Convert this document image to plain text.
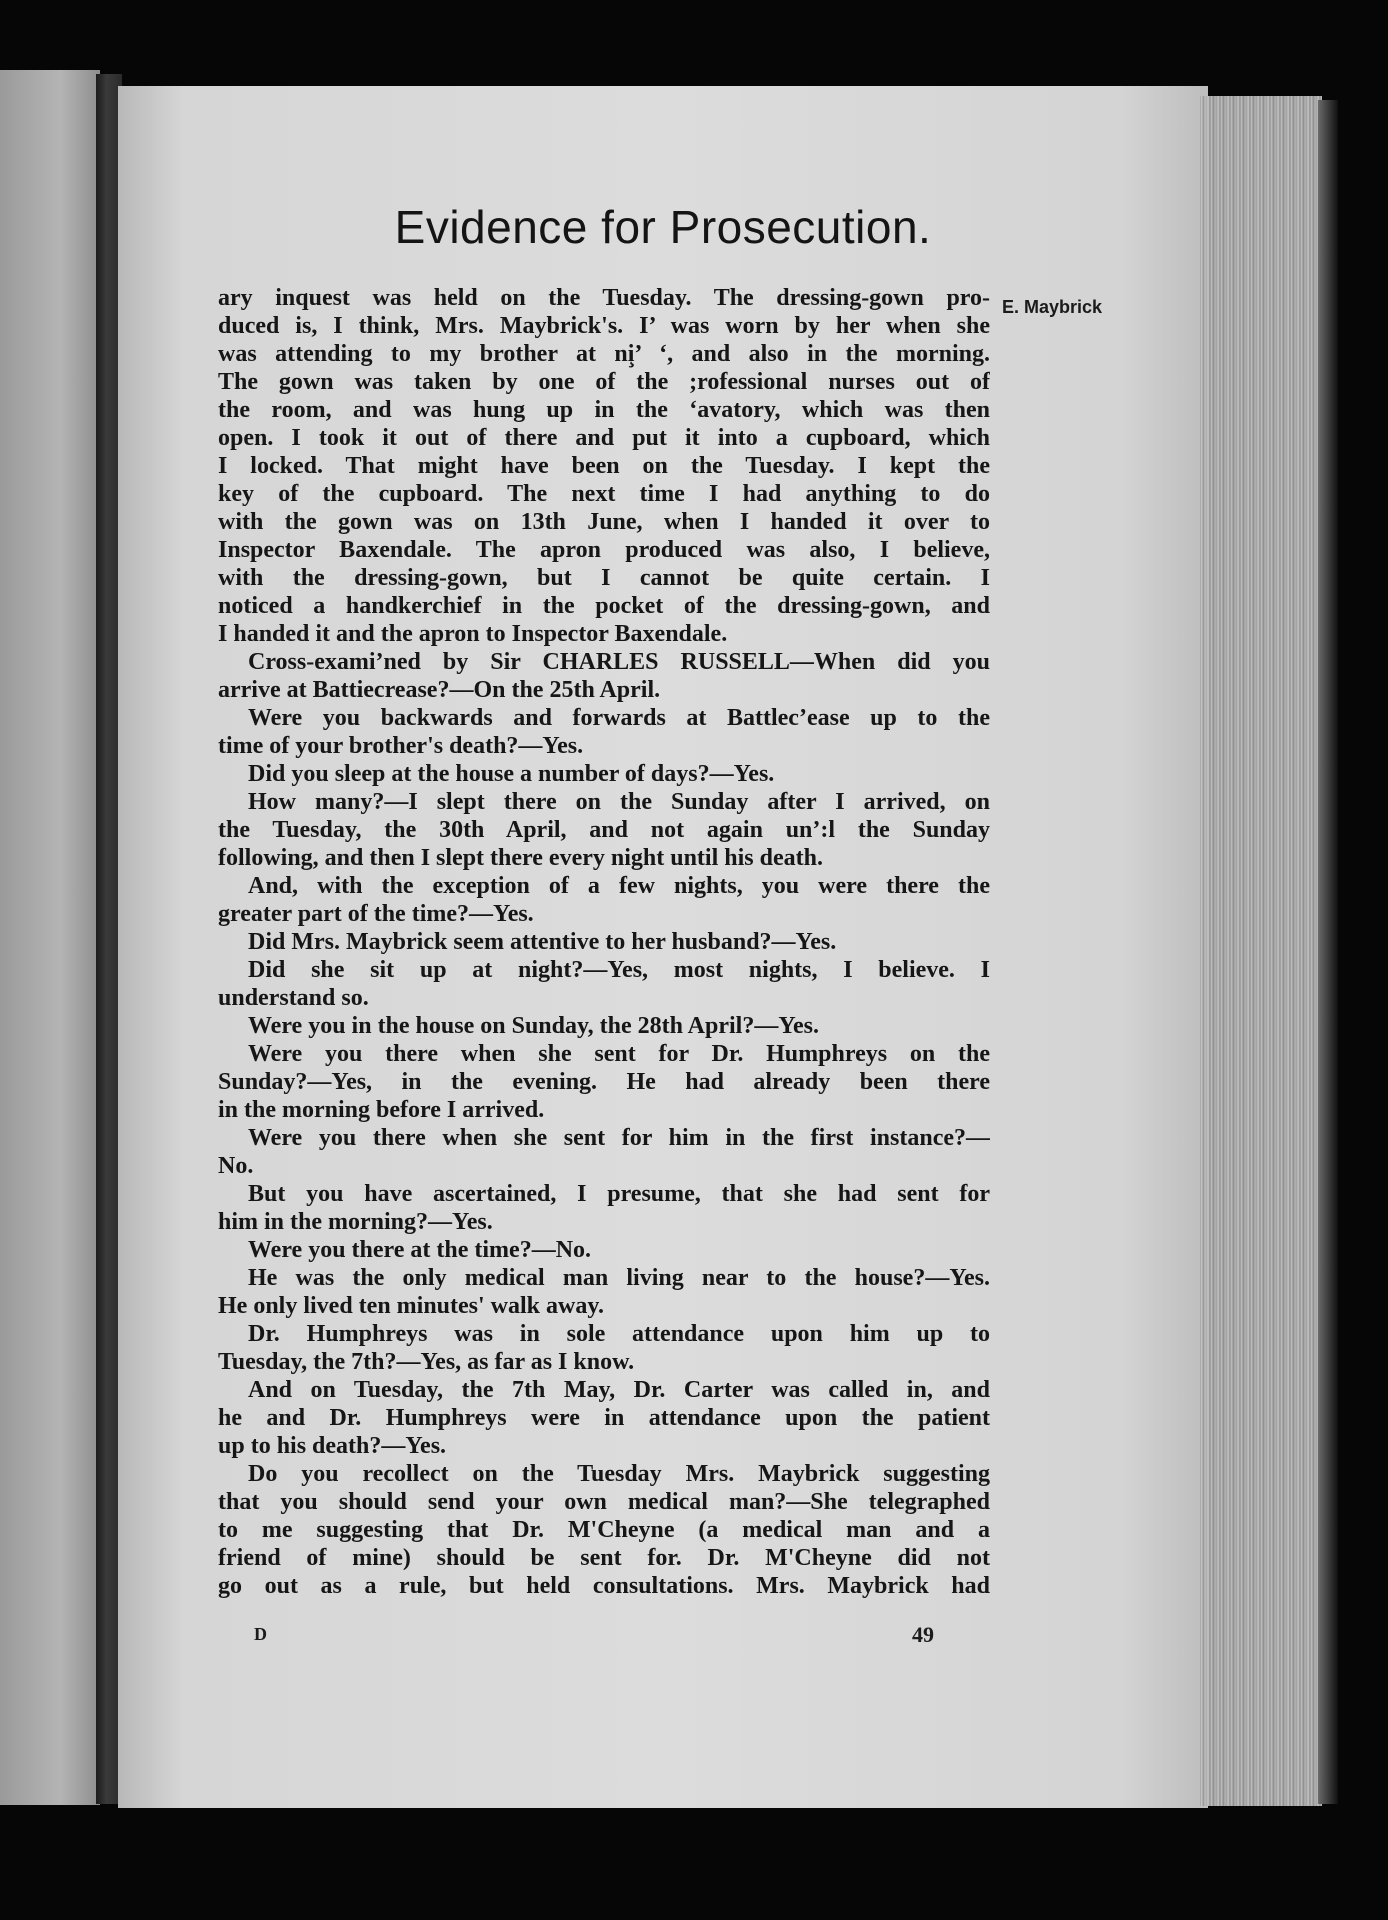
Evidence for Prosecution.
E. Maybrick
ary inquest was held on the Tuesday. The dressing-gown pro-
duced is, I think, Mrs. Maybrick's. I’ was worn by her when she
was attending to my brother at ni̧’ ‘, and also in the morning.
The gown was taken by one of the ;rofessional nurses out of
the room, and was hung up in the ‘avatory, which was then
open. I took it out of there and put it into a cupboard, which
I locked. That might have been on the Tuesday. I kept the
key of the cupboard. The next time I had anything to do
with the gown was on 13th June, when I handed it over to
Inspector Baxendale. The apron produced was also, I believe,
with the dressing-gown, but I cannot be quite certain. I
noticed a handkerchief in the pocket of the dressing-gown, and
I handed it and the apron to Inspector Baxendale.
Cross-exami’ned by Sir CHARLES RUSSELL—When did you
arrive at Battiecrease?—On the 25th April.
Were you backwards and forwards at Battlec’ease up to the
time of your brother's death?—Yes.
Did you sleep at the house a number of days?—Yes.
How many?—I slept there on the Sunday after I arrived, on
the Tuesday, the 30th April, and not again un’:l the Sunday
following, and then I slept there every night until his death.
And, with the exception of a few nights, you were there the
greater part of the time?—Yes.
Did Mrs. Maybrick seem attentive to her husband?—Yes.
Did she sit up at night?—Yes, most nights, I believe. I
understand so.
Were you in the house on Sunday, the 28th April?—Yes.
Were you there when she sent for Dr. Humphreys on the
Sunday?—Yes, in the evening. He had already been there
in the morning before I arrived.
Were you there when she sent for him in the first instance?—
No.
But you have ascertained, I presume, that she had sent for
him in the morning?—Yes.
Were you there at the time?—No.
He was the only medical man living near to the house?—Yes.
He only lived ten minutes' walk away.
Dr. Humphreys was in sole attendance upon him up to
Tuesday, the 7th?—Yes, as far as I know.
And on Tuesday, the 7th May, Dr. Carter was called in, and
he and Dr. Humphreys were in attendance upon the patient
up to his death?—Yes.
Do you recollect on the Tuesday Mrs. Maybrick suggesting
that you should send your own medical man?—She telegraphed
to me suggesting that Dr. M'Cheyne (a medical man and a
friend of mine) should be sent for. Dr. M'Cheyne did not
go out as a rule, but held consultations. Mrs. Maybrick had
D	49
